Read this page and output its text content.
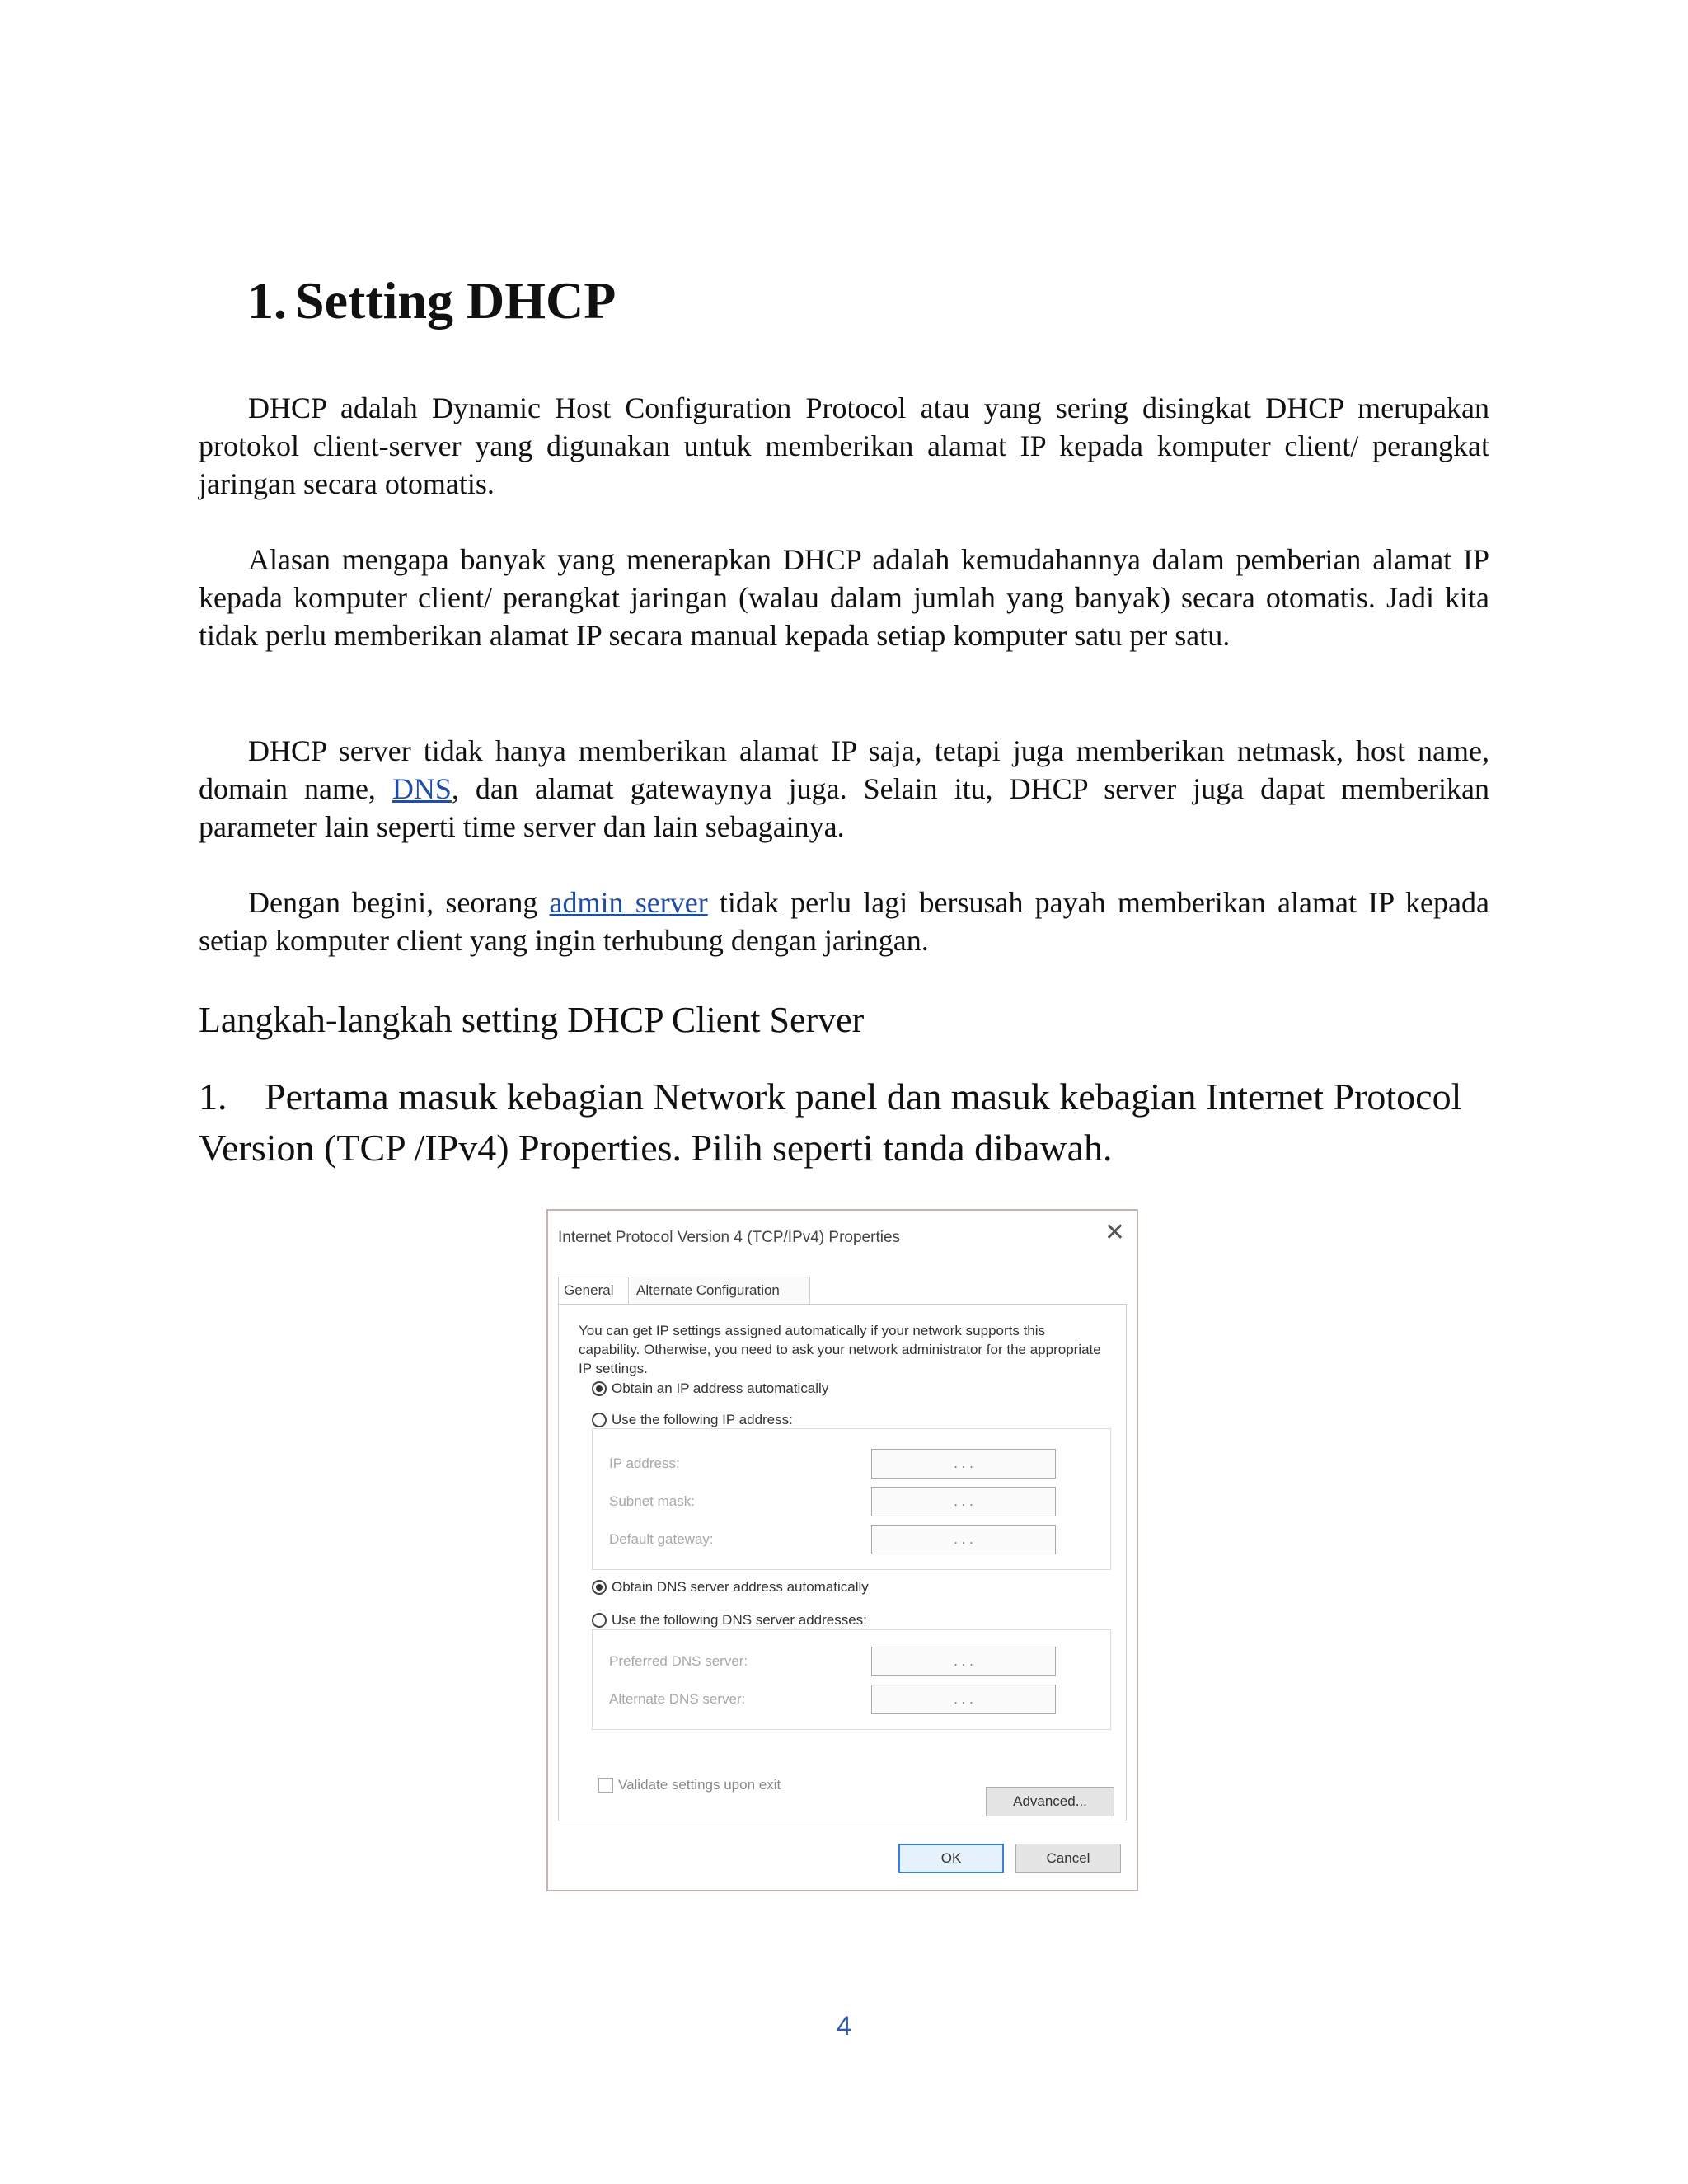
1. Setting DHCP

DHCP adalah Dynamic Host Configuration Protocol atau yang sering disingkat DHCP merupakan protokol client-server yang digunakan untuk memberikan alamat IP kepada komputer client/ perangkat jaringan secara otomatis.

Alasan mengapa banyak yang menerapkan DHCP adalah kemudahannya dalam pemberian alamat IP kepada komputer client/ perangkat jaringan (walau dalam jumlah yang banyak) secara otomatis. Jadi kita tidak perlu memberikan alamat IP secara manual kepada setiap komputer satu per satu.

DHCP server tidak hanya memberikan alamat IP saja, tetapi juga memberikan netmask, host name, domain name, DNS, dan alamat gatewaynya juga. Selain itu, DHCP server juga dapat memberikan parameter lain seperti time server dan lain sebagainya.

Dengan begini, seorang admin server tidak perlu lagi bersusah payah memberikan alamat IP kepada setiap komputer client yang ingin terhubung dengan jaringan.

Langkah-langkah setting DHCP Client Server

1. Pertama masuk kebagian Network panel dan masuk kebagian Internet Protocol Version (TCP /IPv4) Properties. Pilih seperti tanda dibawah.

Internet Protocol Version 4 (TCP/IPv4) Properties	✕
General	Alternate Configuration
You can get IP settings assigned automatically if your network supports this capability. Otherwise, you need to ask your network administrator for the appropriate IP settings.
Obtain an IP address automatically
Use the following IP address:
IP address:	. . .
Subnet mask:	. . .
Default gateway:	. . .
Obtain DNS server address automatically
Use the following DNS server addresses:
Preferred DNS server:	. . .
Alternate DNS server:	. . .
Validate settings upon exit
Advanced...
OK	Cancel
4
